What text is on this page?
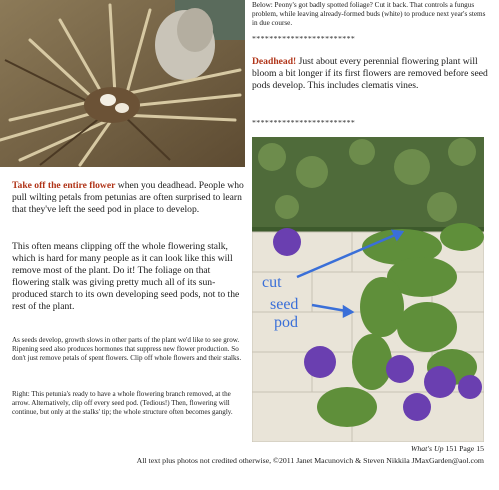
Below: Peony's got badly spotted foliage? Cut it back. That controls a fungus problem, while leaving already-formed buds (white) to produce next year's stems in due course.
************************
Deadhead! Just about every perennial flowering plant will bloom a bit longer if its first flowers are removed before seed pods develop. This includes clematis vines.
************************
cut
seed
pod
Take off the entire flower when you deadhead. People who pull wilting petals from petunias are often surprised to learn that they've left the seed pod in place to develop.
This often means clipping off the whole flowering stalk, which is hard for many people as it can look like this will remove most of the plant. Do it! The foliage on that flowering stalk was giving pretty much all of its sun-produced starch to its own developing seed pods, not to the rest of the plant.
As seeds develop, growth slows in other parts of the plant we'd like to see grow. Ripening seed also produces hormones that suppress new flower production. So don't just remove petals of spent flowers. Clip off whole flowers and their stalks.
Right: This petunia's ready to have a whole flowering branch removed, at the arrow. Alternatively, clip off every seed pod. (Tedious!) Then, flowering will continue, but only at the stalks' tip; the whole structure often becomes gangly.
What's Up 151 Page 15
All text plus photos not credited otherwise, ©2011 Janet Macunovich & Steven Nikkila JMaxGarden@aol.com
